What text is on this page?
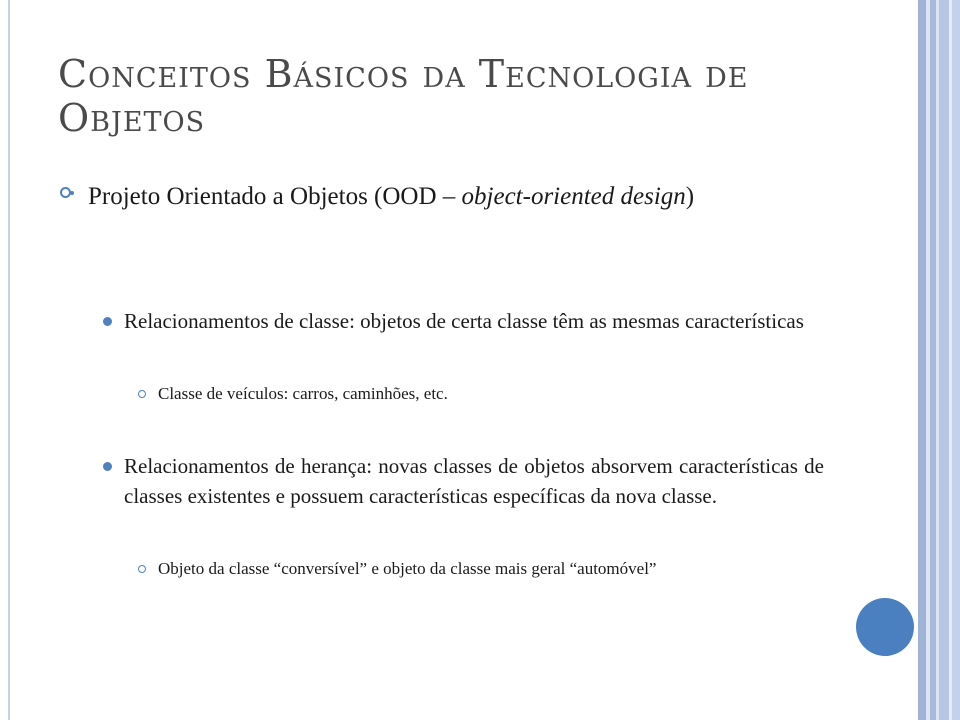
Conceitos Básicos da Tecnologia de Objetos
Projeto Orientado a Objetos (OOD – object-oriented design)
Relacionamentos de classe: objetos de certa classe têm as mesmas características
Classe de veículos: carros, caminhões, etc.
Relacionamentos de herança: novas classes de objetos absorvem características de classes existentes e possuem características específicas da nova classe.
Objeto da classe “conversível” e objeto da classe mais geral “automóvel”
